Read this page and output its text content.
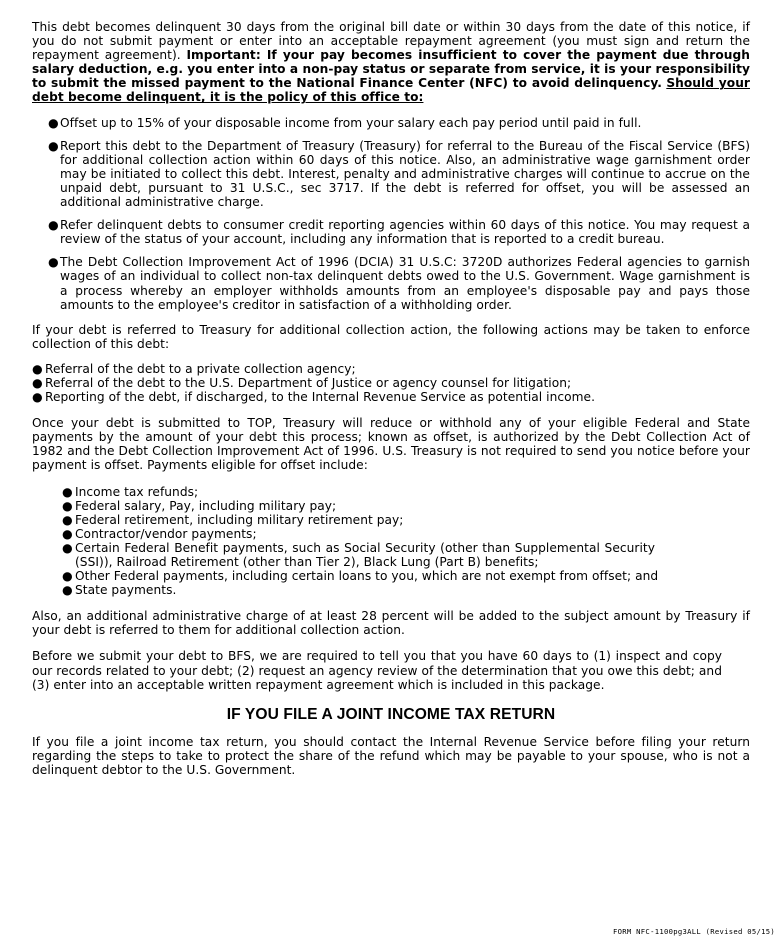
This debt becomes delinquent 30 days from the original bill date or within 30 days from the date of this notice, if you do not submit payment or enter into an acceptable repayment agreement (you must sign and return the repayment agreement). Important: If your pay becomes insufficient to cover the payment due through salary deduction, e.g. you enter into a non-pay status or separate from service, it is your responsibility to submit the missed payment to the National Finance Center (NFC) to avoid delinquency. Should your debt become delinquent, it is the policy of this office to:

● Offset up to 15% of your disposable income from your salary each pay period until paid in full.
● Report this debt to the Department of Treasury (Treasury) for referral to the Bureau of the Fiscal Service (BFS) for additional collection action within 60 days of this notice. Also, an administrative wage garnishment order may be initiated to collect this debt. Interest, penalty and administrative charges will continue to accrue on the unpaid debt, pursuant to 31 U.S.C., sec 3717. If the debt is referred for offset, you will be assessed an additional administrative charge.
● Refer delinquent debts to consumer credit reporting agencies within 60 days of this notice. You may request a review of the status of your account, including any information that is reported to a credit bureau.
● The Debt Collection Improvement Act of 1996 (DCIA) 31 U.S.C: 3720D authorizes Federal agencies to garnish wages of an individual to collect non-tax delinquent debts owed to the U.S. Government. Wage garnishment is a process whereby an employer withholds amounts from an employee's disposable pay and pays those amounts to the employee's creditor in satisfaction of a withholding order.

If your debt is referred to Treasury for additional collection action, the following actions may be taken to enforce collection of this debt:

● Referral of the debt to a private collection agency;
● Referral of the debt to the U.S. Department of Justice or agency counsel for litigation;
● Reporting of the debt, if discharged, to the Internal Revenue Service as potential income.

Once your debt is submitted to TOP, Treasury will reduce or withhold any of your eligible Federal and State payments by the amount of your debt this process; known as offset, is authorized by the Debt Collection Act of 1982 and the Debt Collection Improvement Act of 1996. U.S. Treasury is not required to send you notice before your payment is offset. Payments eligible for offset include:

● Income tax refunds;
● Federal salary, Pay, including military pay;
● Federal retirement, including military retirement pay;
● Contractor/vendor payments;
● Certain Federal Benefit payments, such as Social Security (other than Supplemental Security (SSI)), Railroad Retirement (other than Tier 2), Black Lung (Part B) benefits;
● Other Federal payments, including certain loans to you, which are not exempt from offset; and
● State payments.

Also, an additional administrative charge of at least 28 percent will be added to the subject amount by Treasury if your debt is referred to them for additional collection action.

Before we submit your debt to BFS, we are required to tell you that you have 60 days to (1) inspect and copy our records related to your debt; (2) request an agency review of the determination that you owe this debt; and (3) enter into an acceptable written repayment agreement which is included in this package.

IF YOU FILE A JOINT INCOME TAX RETURN

If you file a joint income tax return, you should contact the Internal Revenue Service before filing your return regarding the steps to take to protect the share of the refund which may be payable to your spouse, who is not a delinquent debtor to the U.S. Government.

FORM NFC-1100pg3ALL (Revised 05/15)
